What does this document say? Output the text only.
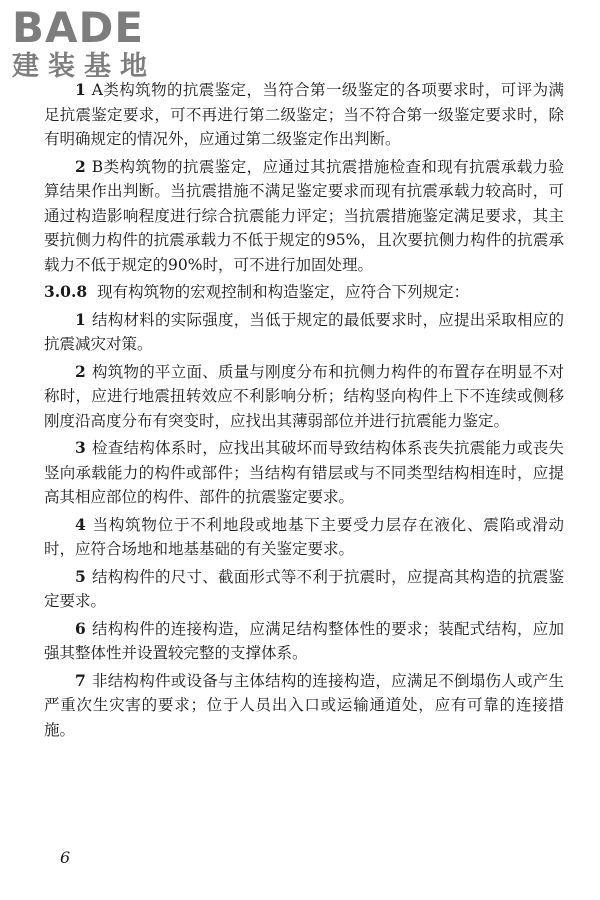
BADE
建装基地

1 A类构筑物的抗震鉴定，当符合第一级鉴定的各项要求时，可评为满足抗震鉴定要求，可不再进行第二级鉴定；当不符合第一级鉴定要求时，除有明确规定的情况外，应通过第二级鉴定作出判断。

2 B类构筑物的抗震鉴定，应通过其抗震措施检查和现有抗震承载力验算结果作出判断。当抗震措施不满足鉴定要求而现有抗震承载力较高时，可通过构造影响程度进行综合抗震能力评定；当抗震措施鉴定满足要求，其主要抗侧力构件的抗震承载力不低于规定的95%，且次要抗侧力构件的抗震承载力不低于规定的90%时，可不进行加固处理。

3.0.8 现有构筑物的宏观控制和构造鉴定，应符合下列规定：

1 结构材料的实际强度，当低于规定的最低要求时，应提出采取相应的抗震减灾对策。

2 构筑物的平立面、质量与刚度分布和抗侧力构件的布置存在明显不对称时，应进行地震扭转效应不利影响分析；结构竖向构件上下不连续或侧移刚度沿高度分布有突变时，应找出其薄弱部位并进行抗震能力鉴定。

3 检查结构体系时，应找出其破坏而导致结构体系丧失抗震能力或丧失竖向承载能力的构件或部件；当结构有错层或与不同类型结构相连时，应提高其相应部位的构件、部件的抗震鉴定要求。

4 当构筑物位于不利地段或地基下主要受力层存在液化、震陷或滑动时，应符合场地和地基基础的有关鉴定要求。

5 结构构件的尺寸、截面形式等不利于抗震时，应提高其构造的抗震鉴定要求。

6 结构构件的连接构造，应满足结构整体性的要求；装配式结构，应加强其整体性并设置较完整的支撑体系。

7 非结构构件或设备与主体结构的连接构造，应满足不倒塌伤人或产生严重次生灾害的要求；位于人员出入口或运输通道处，应有可靠的连接措施。

6
